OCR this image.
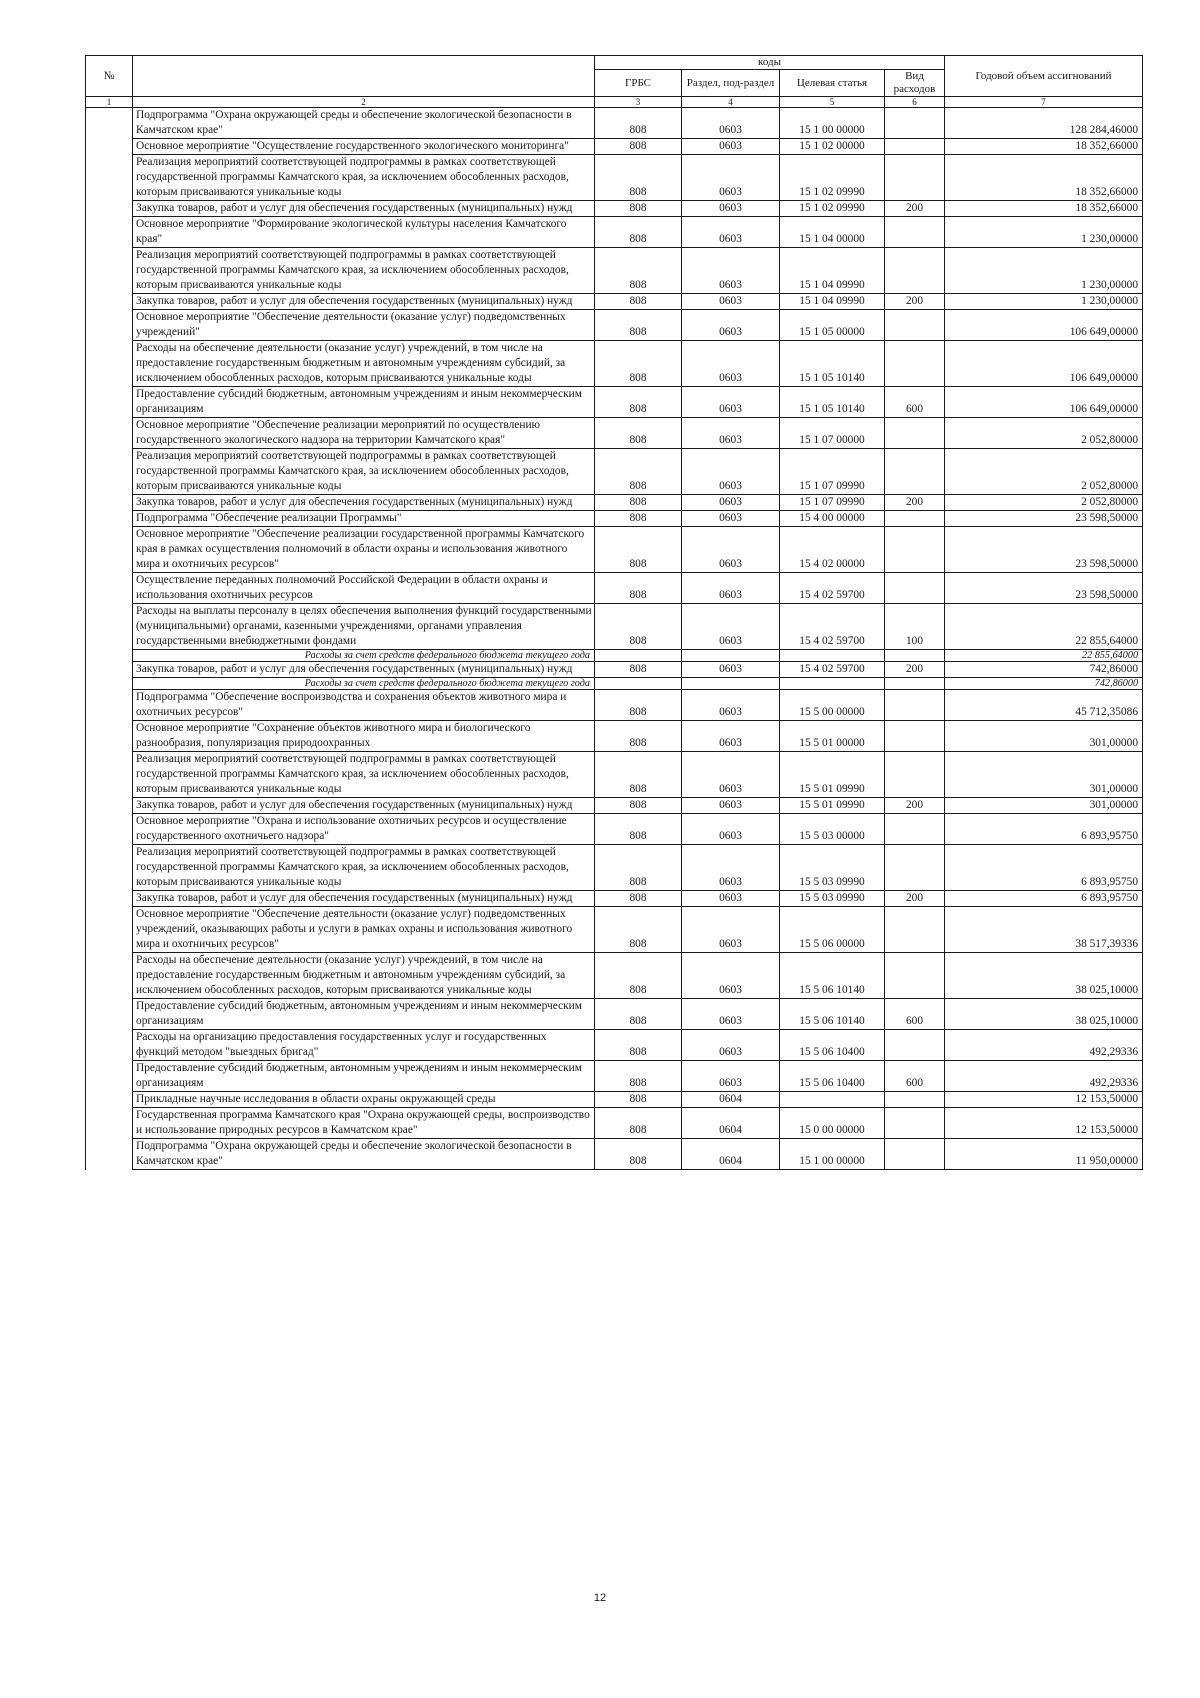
№		коды				Годовой объем ассигнований
		ГРБС	Раздел, под-раздел	Целевая статья	Вид расходов	
1	2	3	4	5	6	7
	Подпрограмма "Охрана окружающей среды и обеспечение экологической безопасности в Камчатском крае"	808	0603	15 1 00 00000		128 284,46000
	Основное мероприятие "Осуществление государственного экологического мониторинга"	808	0603	15 1 02 00000		18 352,66000
	Реализация мероприятий соответствующей подпрограммы в рамках соответствующей государственной программы Камчатского края, за исключением обособленных расходов, которым присваиваются уникальные коды	808	0603	15 1 02 09990		18 352,66000
	Закупка товаров, работ и услуг для обеспечения государственных (муниципальных) нужд	808	0603	15 1 02 09990	200	18 352,66000
	Основное мероприятие "Формирование экологической культуры населения Камчатского края"	808	0603	15 1 04 00000		1 230,00000
	Реализация мероприятий соответствующей подпрограммы в рамках соответствующей государственной программы Камчатского края, за исключением обособленных расходов, которым присваиваются уникальные коды	808	0603	15 1 04 09990		1 230,00000
	Закупка товаров, работ и услуг для обеспечения государственных (муниципальных) нужд	808	0603	15 1 04 09990	200	1 230,00000
	Основное мероприятие "Обеспечение деятельности (оказание услуг) подведомственных учреждений"	808	0603	15 1 05 00000		106 649,00000
	Расходы на обеспечение деятельности (оказание услуг) учреждений, в том числе на предоставление государственным бюджетным и автономным учреждениям субсидий, за исключением обособленных расходов, которым присваиваются уникальные коды	808	0603	15 1 05 10140		106 649,00000
	Предоставление субсидий бюджетным, автономным учреждениям и иным некоммерческим организациям	808	0603	15 1 05 10140	600	106 649,00000
	Основное мероприятие "Обеспечение реализации мероприятий по осуществлению государственного экологического надзора на территории Камчатского края"	808	0603	15 1 07 00000		2 052,80000
	Реализация мероприятий соответствующей подпрограммы в рамках соответствующей государственной программы Камчатского края, за исключением обособленных расходов, которым присваиваются уникальные коды	808	0603	15 1 07 09990		2 052,80000
	Закупка товаров, работ и услуг для обеспечения государственных (муниципальных) нужд	808	0603	15 1 07 09990	200	2 052,80000
	Подпрограмма "Обеспечение реализации Программы"	808	0603	15 4 00 00000		23 598,50000
	Основное мероприятие "Обеспечение реализации государственной программы Камчатского края в рамках осуществления полномочий в области охраны и использования животного мира и охотничьих ресурсов"	808	0603	15 4 02 00000		23 598,50000
	Осуществление переданных полномочий Российской Федерации в области охраны и использования охотничьих ресурсов	808	0603	15 4 02 59700		23 598,50000
	Расходы на выплаты персоналу в целях обеспечения выполнения функций государственными (муниципальными) органами, казенными учреждениями, органами управления государственными внебюджетными фондами	808	0603	15 4 02 59700	100	22 855,64000
	Расходы за счет средств федерального бюджета текущего года					22 855,64000
	Закупка товаров, работ и услуг для обеспечения государственных (муниципальных) нужд	808	0603	15 4 02 59700	200	742,86000
	Расходы за счет средств федерального бюджета текущего года					742,86000
	Подпрограмма "Обеспечение воспроизводства и сохранения объектов животного мира и охотничьих ресурсов"	808	0603	15 5 00 00000		45 712,35086
	Основное мероприятие "Сохранение объектов животного мира и биологического разнообразия, популяризация природоохранных	808	0603	15 5 01 00000		301,00000
	Реализация мероприятий соответствующей подпрограммы в рамках соответствующей государственной программы Камчатского края, за исключением обособленных расходов, которым присваиваются уникальные коды	808	0603	15 5 01 09990		301,00000
	Закупка товаров, работ и услуг для обеспечения государственных (муниципальных) нужд	808	0603	15 5 01 09990	200	301,00000
	Основное мероприятие "Охрана и использование охотничьих ресурсов и осуществление государственного охотничьего надзора"	808	0603	15 5 03 00000		6 893,95750
	Реализация мероприятий соответствующей подпрограммы в рамках соответствующей государственной программы Камчатского края, за исключением обособленных расходов, которым присваиваются уникальные коды	808	0603	15 5 03 09990		6 893,95750
	Закупка товаров, работ и услуг для обеспечения государственных (муниципальных) нужд	808	0603	15 5 03 09990	200	6 893,95750
	Основное мероприятие "Обеспечение деятельности (оказание услуг) подведомственных учреждений, оказывающих работы и услуги в рамках охраны и использования животного мира и охотничьих ресурсов"	808	0603	15 5 06 00000		38 517,39336
	Расходы на обеспечение деятельности (оказание услуг) учреждений, в том числе на предоставление государственным бюджетным и автономным учреждениям субсидий, за исключением обособленных расходов, которым присваиваются уникальные коды	808	0603	15 5 06 10140		38 025,10000
	Предоставление субсидий бюджетным, автономным учреждениям и иным некоммерческим организациям	808	0603	15 5 06 10140	600	38 025,10000
	Расходы на организацию предоставления государственных услуг и государственных функций методом "выездных бригад"	808	0603	15 5 06 10400		492,29336
	Предоставление субсидий бюджетным, автономным учреждениям и иным некоммерческим организациям	808	0603	15 5 06 10400	600	492,29336
	Прикладные научные исследования в области охраны окружающей среды	808	0604			12 153,50000
	Государственная программа Камчатского края "Охрана окружающей среды, воспроизводство и использование природных ресурсов в Камчатском крае"	808	0604	15 0 00 00000		12 153,50000
	Подпрограмма "Охрана окружающей среды и обеспечение экологической безопасности в Камчатском крае"	808	0604	15 1 00 00000		11 950,00000
12
